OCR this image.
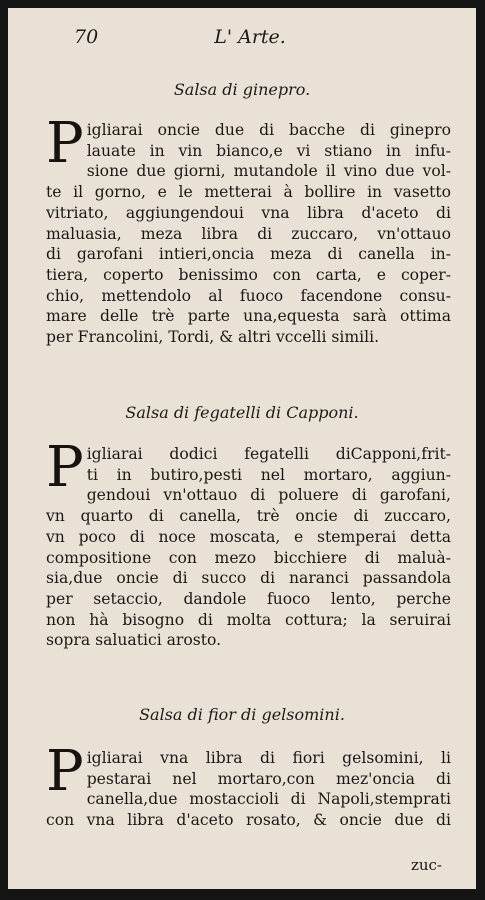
70	L' Arte.
Salsa di ginepro.
P igliarai oncie due di bacche di ginepro
lauate in vin bianco,e vi stiano in infu-
sione due giorni, mutandole il vino due vol-
te il gorno, e le metterai à bollire in vasetto
vitriato, aggiungendoui vna libra d'aceto di
maluasia, meza libra di zuccaro, vn'ottauo
di garofani intieri,oncia meza di canella in-
tiera, coperto benissimo con carta, e coper-
chio, mettendolo al fuoco facendone consu-
mare delle trè parte una,equesta sarà ottima
per Francolini, Tordi, & altri vccelli simili.
Salsa di fegatelli di Capponi.
P igliarai dodici fegatelli diCapponi,frit-
ti in butiro,pesti nel mortaro, aggiun-
gendoui vn'ottauo di poluere di garofani,
vn quarto di canella, trè oncie di zuccaro,
vn poco di noce moscata, e stemperai detta
compositione con mezo bicchiere di maluà-
sia,due oncie di succo di naranci passandola
per setaccio, dandole fuoco lento, perche
non hà bisogno di molta cottura; la seruirai
sopra saluatici arosto.
Salsa di fior di gelsomini.
P igliarai vna libra di fiori gelsomini, li
pestarai nel mortaro,con mez'oncia di
canella,due mostaccioli di Napoli,stemprati
con vna libra d'aceto rosato, & oncie due di
zuc-
